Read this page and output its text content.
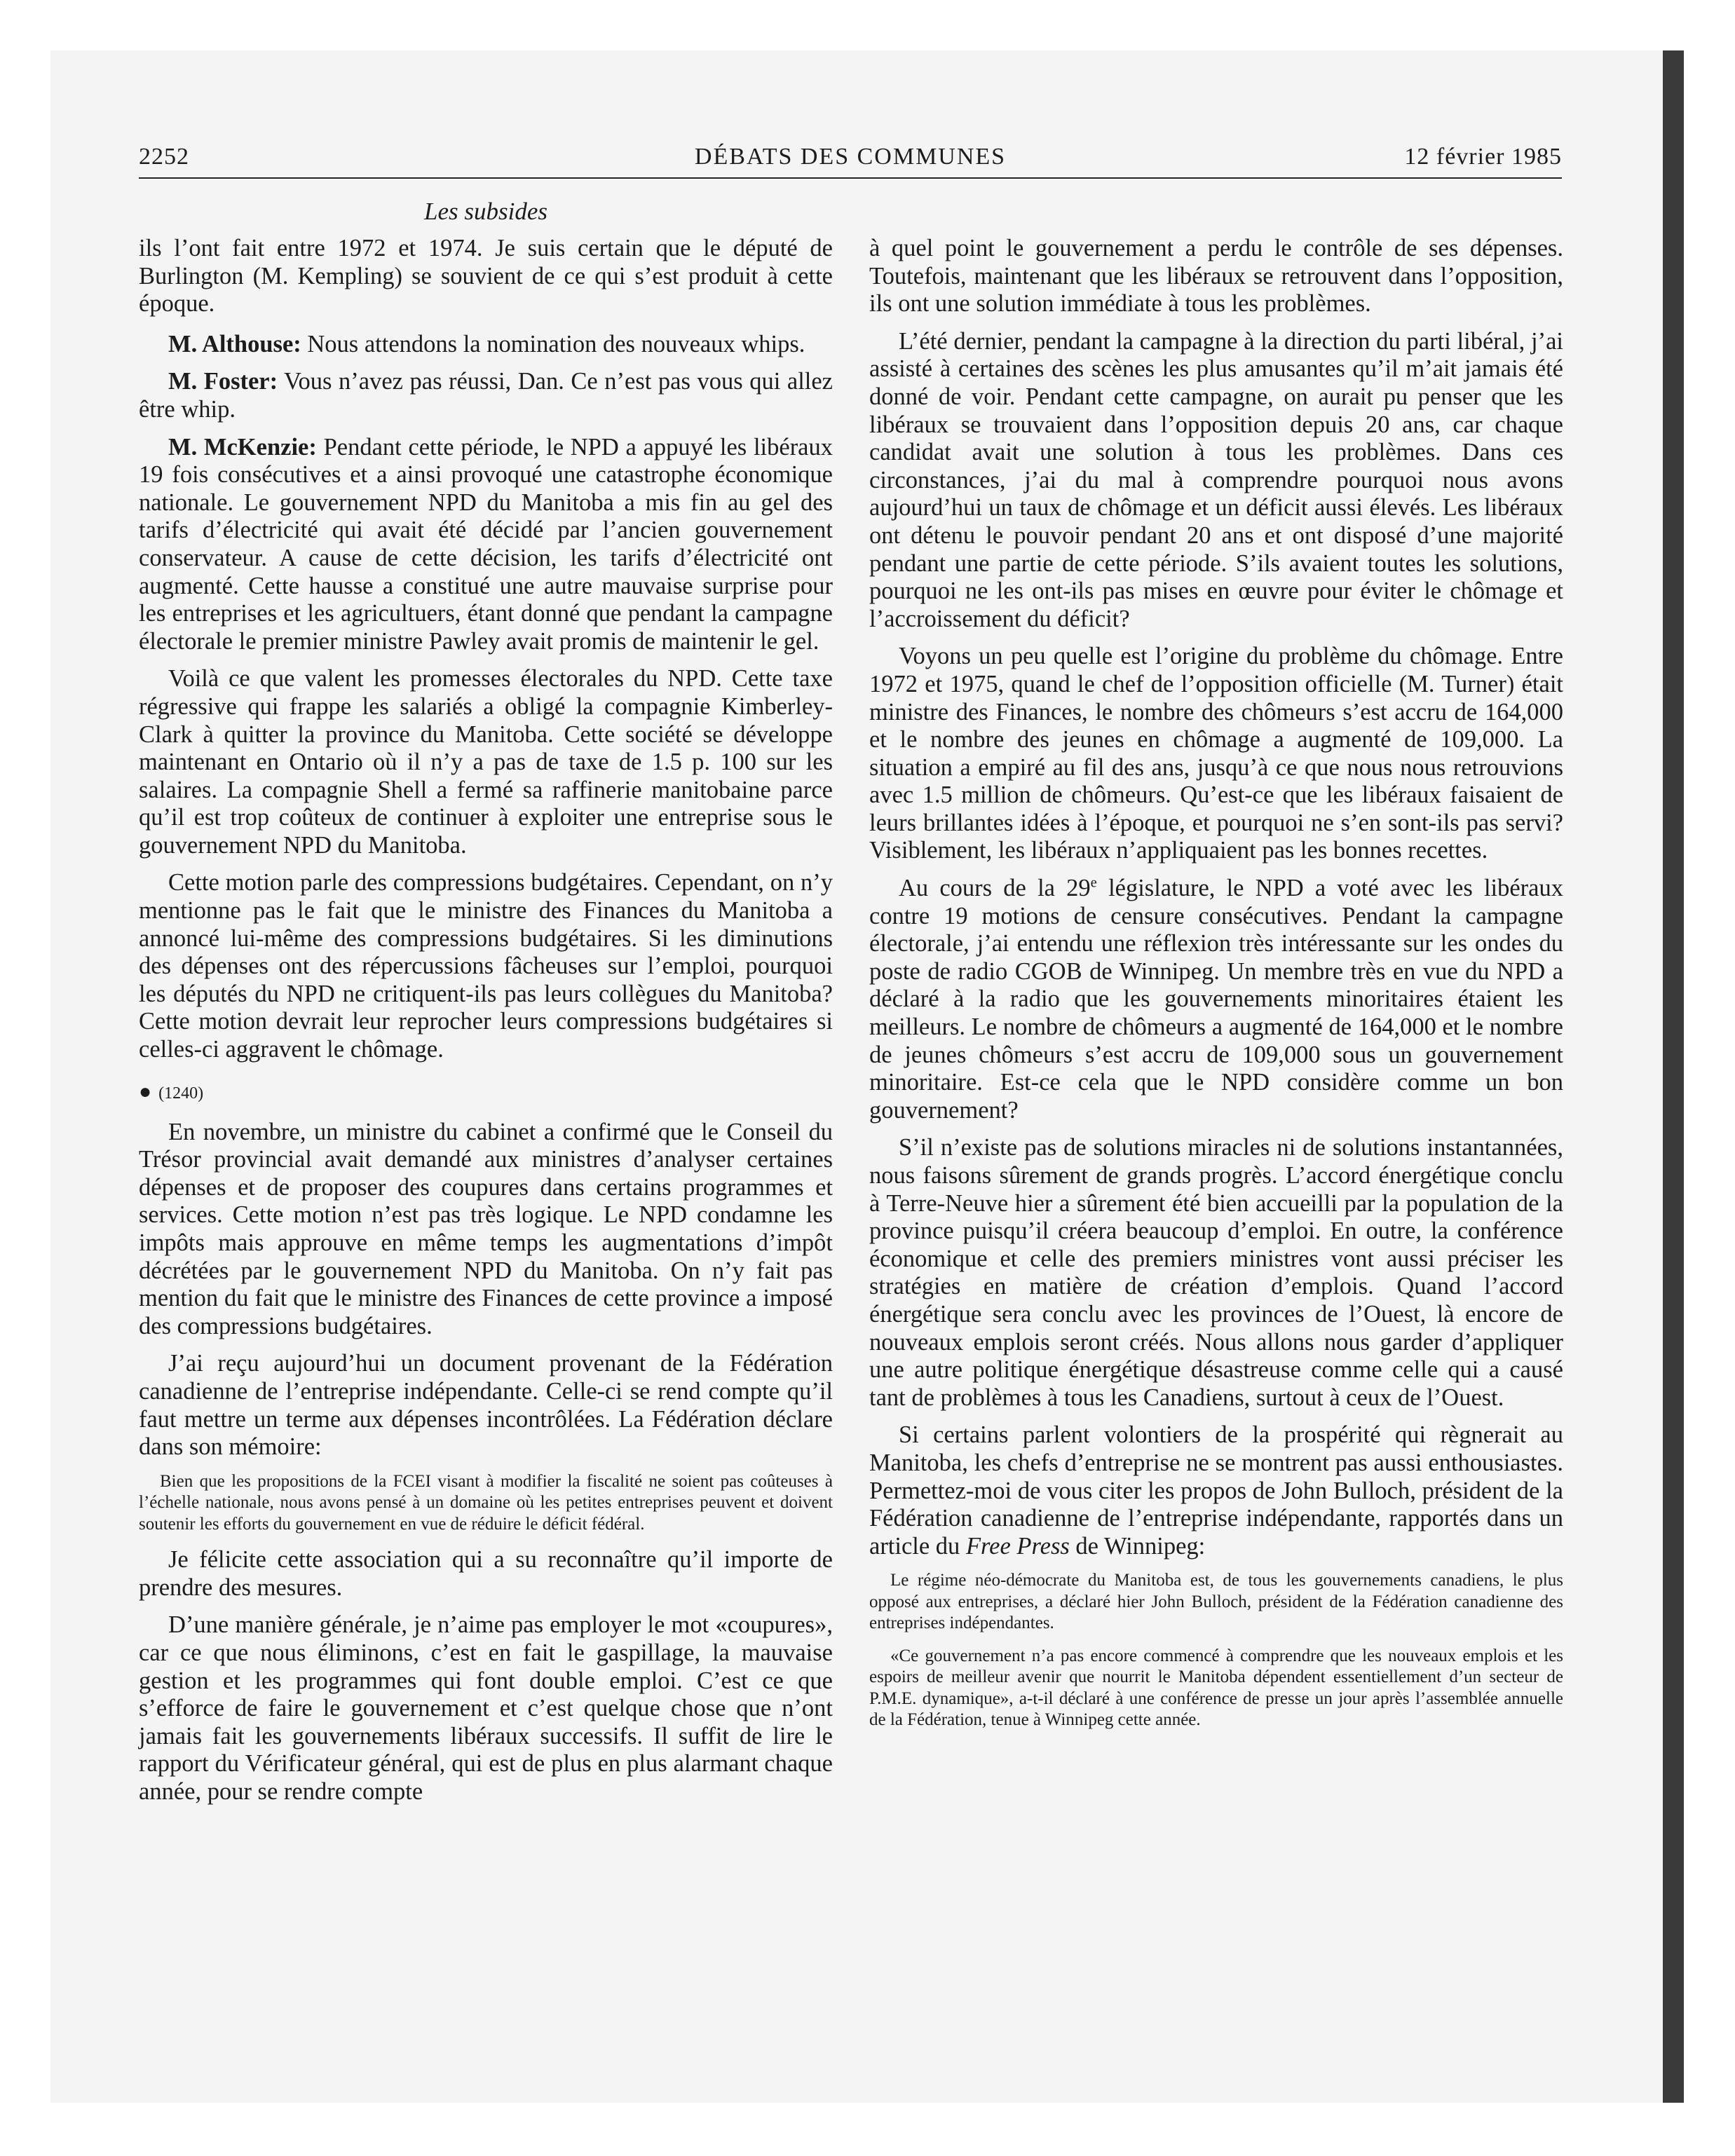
2252	DÉBATS DES COMMUNES	12 février 1985
Les subsides

ils l’ont fait entre 1972 et 1974. Je suis certain que le député de Burlington (M. Kempling) se souvient de ce qui s’est produit à cette époque.

M. Althouse: Nous attendons la nomination des nouveaux whips.

M. Foster: Vous n’avez pas réussi, Dan. Ce n’est pas vous qui allez être whip.

M. McKenzie: Pendant cette période, le NPD a appuyé les libéraux 19 fois consécutives et a ainsi provoqué une catastrophe économique nationale. Le gouvernement NPD du Manitoba a mis fin au gel des tarifs d’électricité qui avait été décidé par l’ancien gouvernement conservateur. A cause de cette décision, les tarifs d’électricité ont augmenté. Cette hausse a constitué une autre mauvaise surprise pour les entreprises et les agricultuers, étant donné que pendant la campagne électorale le premier ministre Pawley avait promis de maintenir le gel.

Voilà ce que valent les promesses électorales du NPD. Cette taxe régressive qui frappe les salariés a obligé la compagnie Kimberley-Clark à quitter la province du Manitoba. Cette société se développe maintenant en Ontario où il n’y a pas de taxe de 1.5 p. 100 sur les salaires. La compagnie Shell a fermé sa raffinerie manitobaine parce qu’il est trop coûteux de continuer à exploiter une entreprise sous le gouvernement NPD du Manitoba.

Cette motion parle des compressions budgétaires. Cependant, on n’y mentionne pas le fait que le ministre des Finances du Manitoba a annoncé lui-même des compressions budgétaires. Si les diminutions des dépenses ont des répercussions fâcheuses sur l’emploi, pourquoi les députés du NPD ne critiquent-ils pas leurs collègues du Manitoba? Cette motion devrait leur reprocher leurs compressions budgétaires si celles-ci aggravent le chômage.

● (1240)

En novembre, un ministre du cabinet a confirmé que le Conseil du Trésor provincial avait demandé aux ministres d’analyser certaines dépenses et de proposer des coupures dans certains programmes et services. Cette motion n’est pas très logique. Le NPD condamne les impôts mais approuve en même temps les augmentations d’impôt décrétées par le gouvernement NPD du Manitoba. On n’y fait pas mention du fait que le ministre des Finances de cette province a imposé des compressions budgétaires.

J’ai reçu aujourd’hui un document provenant de la Fédération canadienne de l’entreprise indépendante. Celle-ci se rend compte qu’il faut mettre un terme aux dépenses incontrôlées. La Fédération déclare dans son mémoire:

Bien que les propositions de la FCEI visant à modifier la fiscalité ne soient pas coûteuses à l’échelle nationale, nous avons pensé à un domaine où les petites entreprises peuvent et doivent soutenir les efforts du gouvernement en vue de réduire le déficit fédéral.

Je félicite cette association qui a su reconnaître qu’il importe de prendre des mesures.

D’une manière générale, je n’aime pas employer le mot «coupures», car ce que nous éliminons, c’est en fait le gaspillage, la mauvaise gestion et les programmes qui font double emploi. C’est ce que s’efforce de faire le gouvernement et c’est quelque chose que n’ont jamais fait les gouvernements libéraux successifs. Il suffit de lire le rapport du Vérificateur général, qui est de plus en plus alarmant chaque année, pour se rendre compte

à quel point le gouvernement a perdu le contrôle de ses dépenses. Toutefois, maintenant que les libéraux se retrouvent dans l’opposition, ils ont une solution immédiate à tous les problèmes.

L’été dernier, pendant la campagne à la direction du parti libéral, j’ai assisté à certaines des scènes les plus amusantes qu’il m’ait jamais été donné de voir. Pendant cette campagne, on aurait pu penser que les libéraux se trouvaient dans l’opposition depuis 20 ans, car chaque candidat avait une solution à tous les problèmes. Dans ces circonstances, j’ai du mal à comprendre pourquoi nous avons aujourd’hui un taux de chômage et un déficit aussi élevés. Les libéraux ont détenu le pouvoir pendant 20 ans et ont disposé d’une majorité pendant une partie de cette période. S’ils avaient toutes les solutions, pourquoi ne les ont-ils pas mises en œuvre pour éviter le chômage et l’accroissement du déficit?

Voyons un peu quelle est l’origine du problème du chômage. Entre 1972 et 1975, quand le chef de l’opposition officielle (M. Turner) était ministre des Finances, le nombre des chômeurs s’est accru de 164,000 et le nombre des jeunes en chômage a augmenté de 109,000. La situation a empiré au fil des ans, jusqu’à ce que nous nous retrouvions avec 1.5 million de chômeurs. Qu’est-ce que les libéraux faisaient de leurs brillantes idées à l’époque, et pourquoi ne s’en sont-ils pas servi? Visiblement, les libéraux n’appliquaient pas les bonnes recettes.

Au cours de la 29e législature, le NPD a voté avec les libéraux contre 19 motions de censure consécutives. Pendant la campagne électorale, j’ai entendu une réflexion très intéressante sur les ondes du poste de radio CGOB de Winnipeg. Un membre très en vue du NPD a déclaré à la radio que les gouvernements minoritaires étaient les meilleurs. Le nombre de chômeurs a augmenté de 164,000 et le nombre de jeunes chômeurs s’est accru de 109,000 sous un gouvernement minoritaire. Est-ce cela que le NPD considère comme un bon gouvernement?

S’il n’existe pas de solutions miracles ni de solutions instantannées, nous faisons sûrement de grands progrès. L’accord énergétique conclu à Terre-Neuve hier a sûrement été bien accueilli par la population de la province puisqu’il créera beaucoup d’emploi. En outre, la conférence économique et celle des premiers ministres vont aussi préciser les stratégies en matière de création d’emplois. Quand l’accord énergétique sera conclu avec les provinces de l’Ouest, là encore de nouveaux emplois seront créés. Nous allons nous garder d’appliquer une autre politique énergétique désastreuse comme celle qui a causé tant de problèmes à tous les Canadiens, surtout à ceux de l’Ouest.

Si certains parlent volontiers de la prospérité qui règnerait au Manitoba, les chefs d’entreprise ne se montrent pas aussi enthousiastes. Permettez-moi de vous citer les propos de John Bulloch, président de la Fédération canadienne de l’entreprise indépendante, rapportés dans un article du Free Press de Winnipeg:

Le régime néo-démocrate du Manitoba est, de tous les gouvernements canadiens, le plus opposé aux entreprises, a déclaré hier John Bulloch, président de la Fédération canadienne des entreprises indépendantes.
«Ce gouvernement n’a pas encore commencé à comprendre que les nouveaux emplois et les espoirs de meilleur avenir que nourrit le Manitoba dépendent essentiellement d’un secteur de P.M.E. dynamique», a-t-il déclaré à une conférence de presse un jour après l’assemblée annuelle de la Fédération, tenue à Winnipeg cette année.
